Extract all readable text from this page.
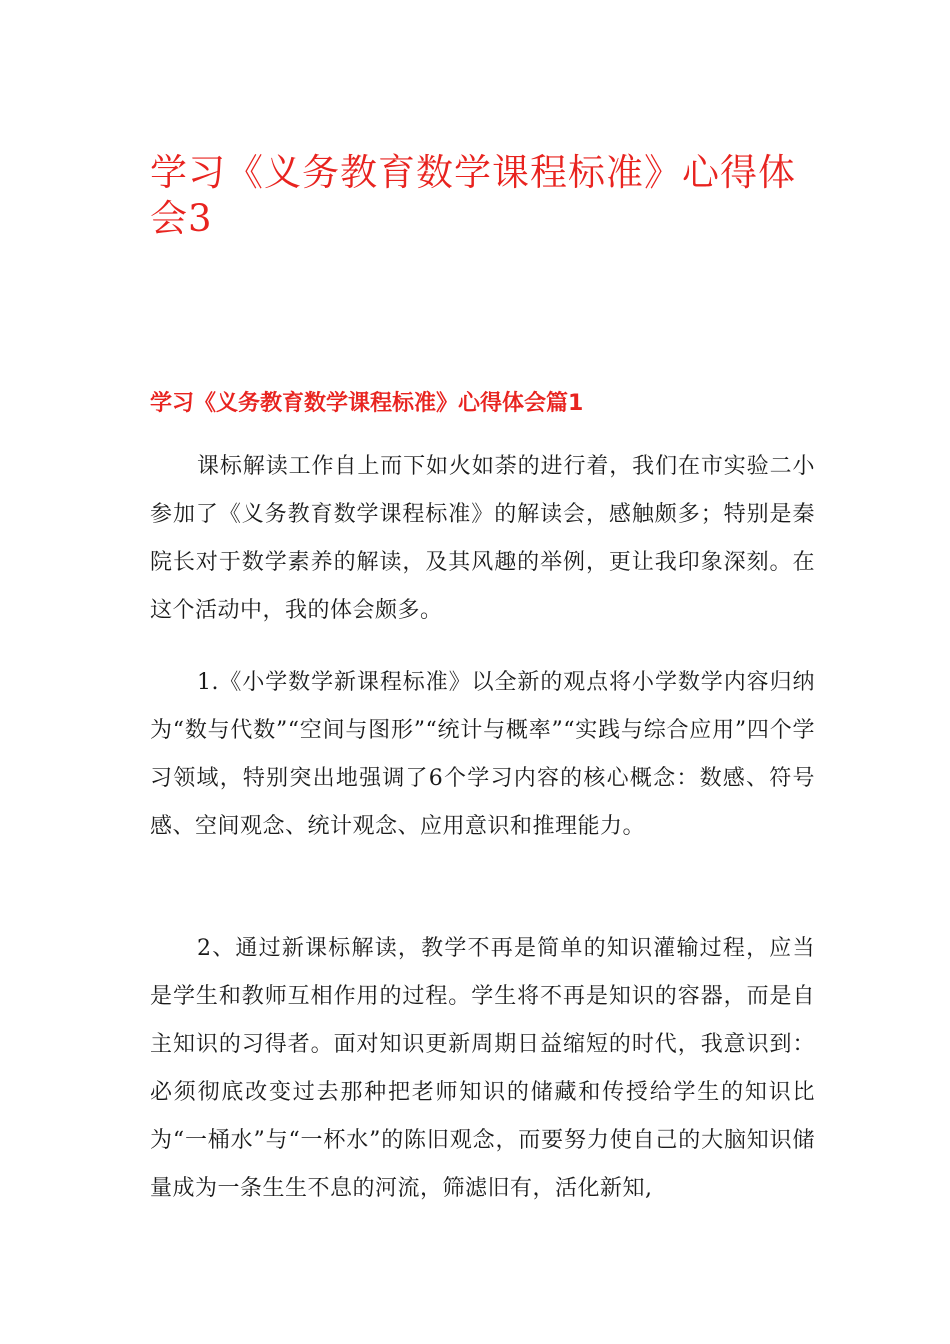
学习《义务教育数学课程标准》心得体会3
学习《义务教育数学课程标准》心得体会篇1

课标解读工作自上而下如火如荼的进行着，我们在市实验二小参加了《义务教育数学课程标准》的解读会，感触颇多；特别是秦院长对于数学素养的解读，及其风趣的举例，更让我印象深刻。在这个活动中，我的体会颇多。

1.《小学数学新课程标准》以全新的观点将小学数学内容归纳为“数与代数”“空间与图形”“统计与概率”“实践与综合应用”四个学习领域，特别突出地强调了6个学习内容的核心概念：数感、符号感、空间观念、统计观念、应用意识和推理能力。

2、通过新课标解读，教学不再是简单的知识灌输过程，应当是学生和教师互相作用的过程。学生将不再是知识的容器，而是自主知识的习得者。面对知识更新周期日益缩短的时代，我意识到：必须彻底改变过去那种把老师知识的储藏和传授给学生的知识比为“一桶水”与“一杯水”的陈旧观念，而要努力使自己的大脑知识储量成为一条生生不息的河流，筛滤旧有，活化新知,
